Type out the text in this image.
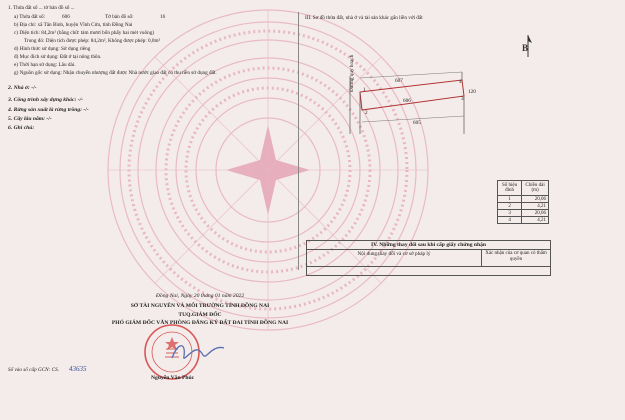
1. Thửa đất số ... tờ bản đồ số ...
a) Thửa đất số:	606	Tờ bản đồ số:	16
b) Địa chỉ: xã Tân Bình, huyện Vĩnh Cửu, tỉnh Đồng Nai
c) Diện tích: 84,2m² (bằng chữ: tám mươi bốn phẩy hai mét vuông)
Trong đó: Diện tích được phép: 84,2m², Không được phép: 0,0m²
d) Hình thức sử dụng: Sử dụng riêng
đ) Mục đích sử dụng: Đất ở tại nông thôn.
e) Thời hạn sử dụng: Lâu dài.
g) Nguồn gốc sử dụng: Nhận chuyển nhượng đất được Nhà nước giao đất có thu tiền sử dụng đất.
2. Nhà ở: -/-
3. Công trình xây dựng khác: -/-
4. Rừng sản xuất là rừng trồng: -/-
5. Cây lâu năm: -/-
6. Ghi chú:
III. Sơ đồ thửa đất, nhà ở và tài sản khác gắn liền với đất
B
607
606
605
120
Đường quy hoạch 1
4
3
2
Số hiệu đỉnh	Chiều dài (m)
1	20,06
2	4,21
3	20,06
4	4,21
IV. Những thay đổi sau khi cấp giấy chứng nhận
Nội dung thay đổi và cơ sở pháp lý	Xác nhận của cơ quan có thẩm quyền
Đồng Nai, Ngày 20 tháng 01 năm 2022
SỞ TÀI NGUYÊN VÀ MÔI TRƯỜNG TỈNH ĐỒNG NAI
TUQ.GIÁM ĐỐC
PHÓ GIÁM ĐỐC VĂN PHÒNG ĐĂNG KÝ ĐẤT ĐAI TỈNH ĐỒNG NAI
Nguyễn Văn Phúc
Số vào sổ cấp GCN: CS. 43635
